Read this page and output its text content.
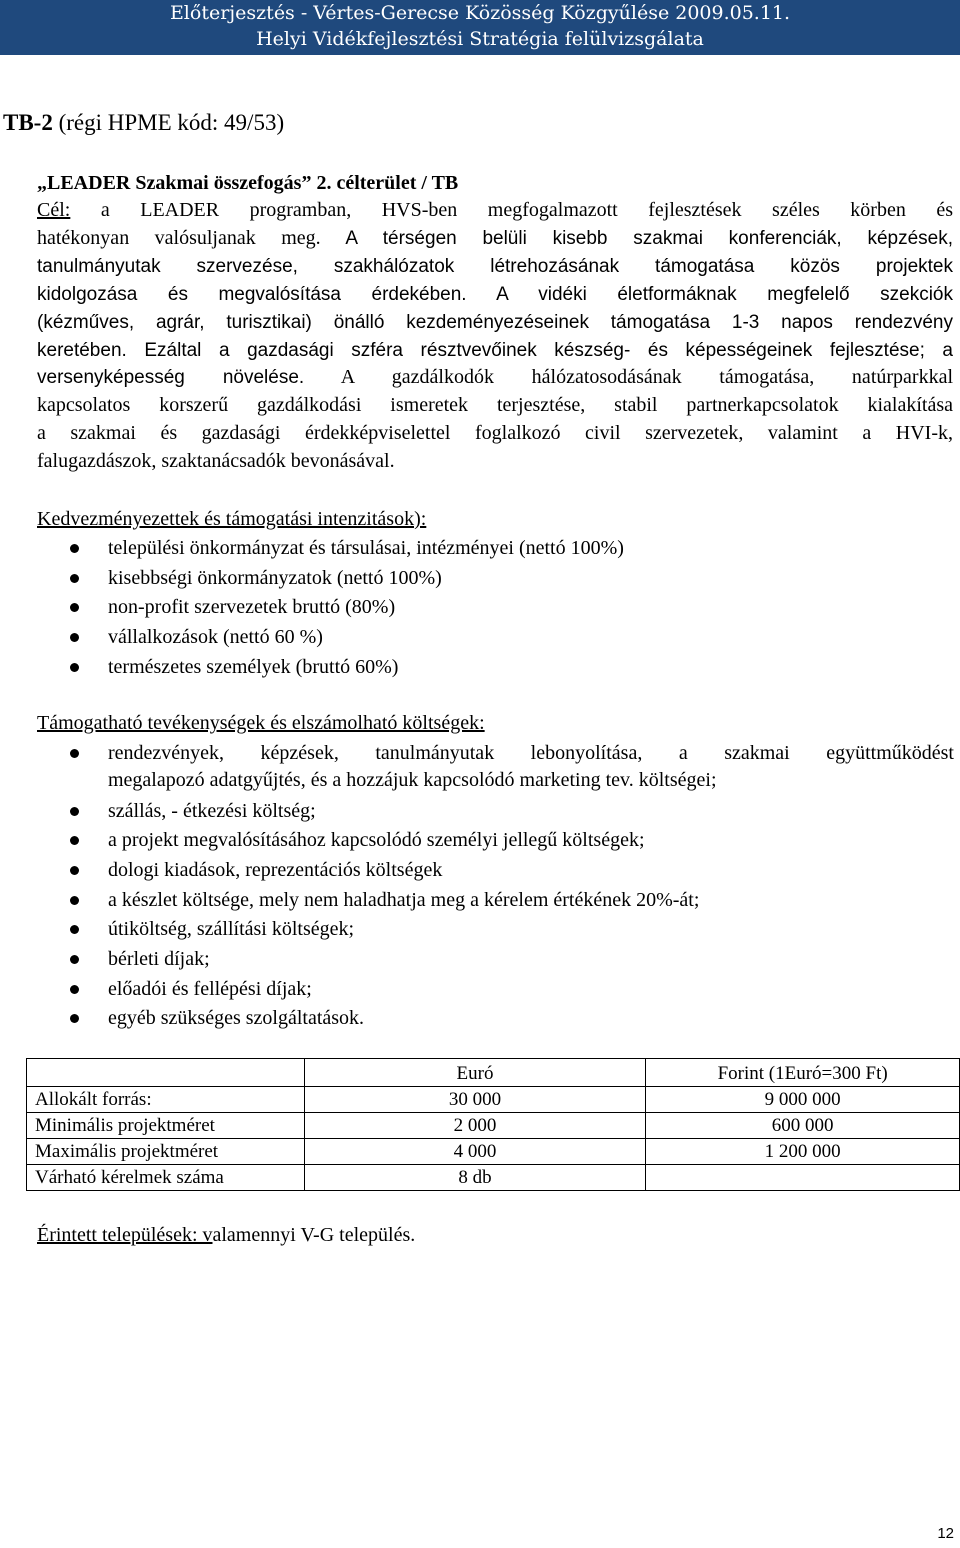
Előterjesztés - Vértes-Gerecse Közösség Közgyűlése 2009.05.11.
Helyi Vidékfejlesztési Stratégia felülvizsgálata
TB-2 (régi HPME kód: 49/53)
„LEADER Szakmai összefogás” 2. célterület / TB
Cél: a LEADER programban, HVS-ben megfogalmazott fejlesztések széles körben és
hatékonyan valósuljanak meg. A térségen belüli kisebb szakmai konferenciák, képzések,
tanulmányutak szervezése, szakhálózatok létrehozásának támogatása közös projektek
kidolgozása és megvalósítása érdekében. A vidéki életformáknak megfelelő szekciók
(kézműves, agrár, turisztikai) önálló kezdeményezéseinek támogatása 1-3 napos rendezvény
keretében. Ezáltal a gazdasági szféra résztvevőinek készség- és képességeinek fejlesztése; a
versenyképesség növelése. A gazdálkodók hálózatosodásának támogatása, natúrparkkal
kapcsolatos korszerű gazdálkodási ismeretek terjesztése, stabil partnerkapcsolatok kialakítása
a szakmai és gazdasági érdekképviselettel foglalkozó civil szervezetek, valamint a HVI-k,
falugazdászok, szaktanácsadók bevonásával.
Kedvezményezettek és támogatási intenzitások):
települési önkormányzat és társulásai, intézményei (nettó 100%)
kisebbségi önkormányzatok (nettó 100%)
non-profit szervezetek bruttó (80%)
vállalkozások (nettó 60 %)
természetes személyek (bruttó 60%)
Támogatható tevékenységek és elszámolható költségek:
rendezvények, képzések, tanulmányutak lebonyolítása, a szakmai együttműködést
megalapozó adatgyűjtés, és a hozzájuk kapcsolódó marketing tev. költségei;
szállás, - étkezési költség;
a projekt megvalósításához kapcsolódó személyi jellegű költségek;
dologi kiadások, reprezentációs költségek
a készlet költsége, mely nem haladhatja meg a kérelem értékének 20%-át;
útiköltség, szállítási költségek;
bérleti díjak;
előadói és fellépési díjak;
egyéb szükséges szolgáltatások.
	Euró	Forint (1Euró=300 Ft)
Allokált forrás:	30 000	9 000 000
Minimális projektméret	2 000	600 000
Maximális projektméret	4 000	1 200 000
Várható kérelmek száma	8 db	
Érintett települések: valamennyi V-G település.
12
